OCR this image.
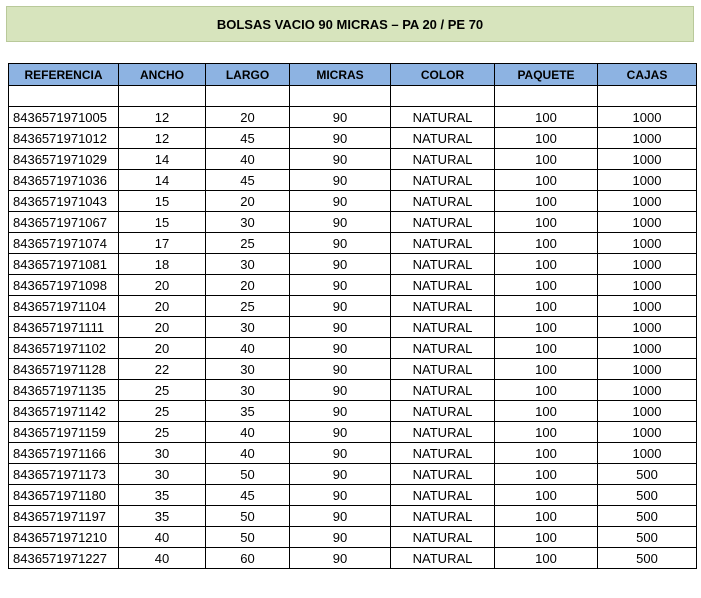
BOLSAS VACIO 90 MICRAS – PA 20 / PE 70
REFERENCIA	ANCHO	LARGO	MICRAS	COLOR	PAQUETE	CAJAS

8436571971005	12	20	90	NATURAL	100	1000
8436571971012	12	45	90	NATURAL	100	1000
8436571971029	14	40	90	NATURAL	100	1000
8436571971036	14	45	90	NATURAL	100	1000
8436571971043	15	20	90	NATURAL	100	1000
8436571971067	15	30	90	NATURAL	100	1000
8436571971074	17	25	90	NATURAL	100	1000
8436571971081	18	30	90	NATURAL	100	1000
8436571971098	20	20	90	NATURAL	100	1000
8436571971104	20	25	90	NATURAL	100	1000
8436571971111	20	30	90	NATURAL	100	1000
8436571971102	20	40	90	NATURAL	100	1000
8436571971128	22	30	90	NATURAL	100	1000
8436571971135	25	30	90	NATURAL	100	1000
8436571971142	25	35	90	NATURAL	100	1000
8436571971159	25	40	90	NATURAL	100	1000
8436571971166	30	40	90	NATURAL	100	1000
8436571971173	30	50	90	NATURAL	100	500
8436571971180	35	45	90	NATURAL	100	500
8436571971197	35	50	90	NATURAL	100	500
8436571971210	40	50	90	NATURAL	100	500
8436571971227	40	60	90	NATURAL	100	500
